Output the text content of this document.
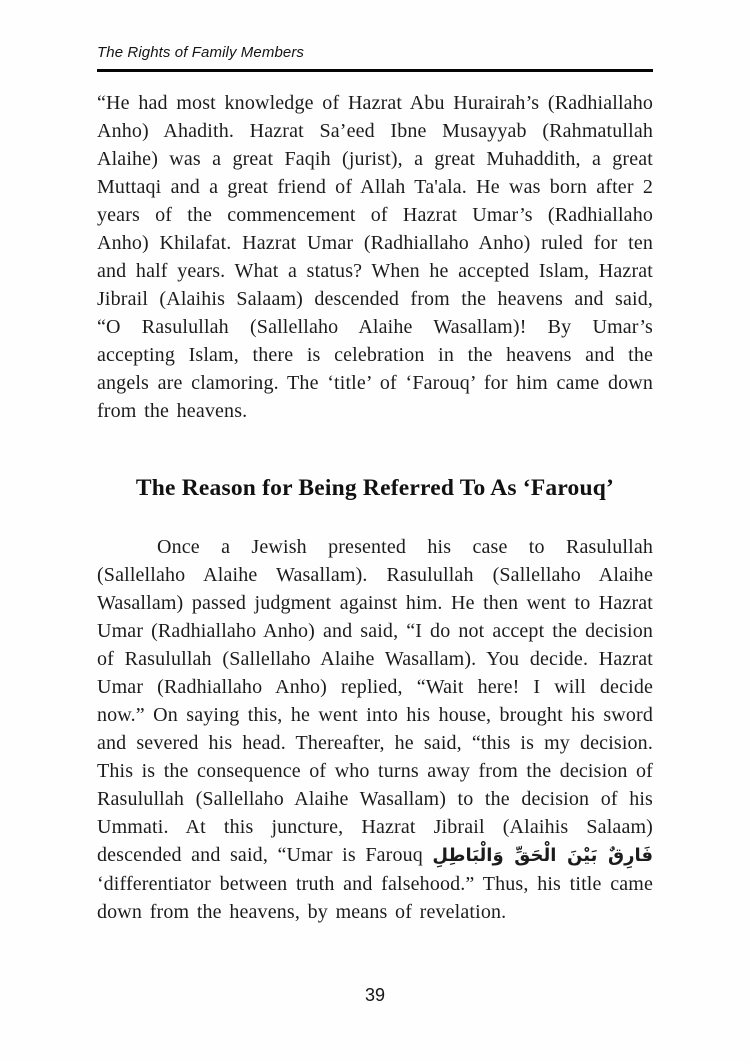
The Rights of Family Members

“He had most knowledge of Hazrat Abu Hurairah’s (Radhiallaho Anho) Ahadith. Hazrat Sa’eed Ibne Musayyab (Rahmatullah Alaihe) was a great Faqih (jurist), a great Muhaddith, a great Muttaqi and a great friend of Allah Ta'ala. He was born after 2 years of the commencement of Hazrat Umar’s (Radhiallaho Anho) Khilafat. Hazrat Umar (Radhiallaho Anho) ruled for ten and half years. What a status? When he accepted Islam, Hazrat Jibrail (Alaihis Salaam) descended from the heavens and said, “O Rasulullah (Sallellaho Alaihe Wasallam)! By Umar’s accepting Islam, there is celebration in the heavens and the angels are clamoring. The ‘title’ of ‘Farouq’ for him came down from the heavens.

The Reason for Being Referred To As ‘Farouq’

Once a Jewish presented his case to Rasulullah (Sallellaho Alaihe Wasallam). Rasulullah (Sallellaho Alaihe Wasallam) passed judgment against him. He then went to Hazrat Umar (Radhiallaho Anho) and said, “I do not accept the decision of Rasulullah (Sallellaho Alaihe Wasallam). You decide. Hazrat Umar (Radhiallaho Anho) replied, “Wait here! I will decide now.” On saying this, he went into his house, brought his sword and severed his head. Thereafter, he said, “this is my decision. This is the consequence of who turns away from the decision of Rasulullah (Sallellaho Alaihe Wasallam) to the decision of his Ummati. At this juncture, Hazrat Jibrail (Alaihis Salaam) descended and said, “Umar is Farouq فَارِقٌ بَيْنَ الْحَقِّ وَالْبَاطِلِ ‘differentiator between truth and falsehood.” Thus, his title came down from the heavens, by means of revelation.

39
